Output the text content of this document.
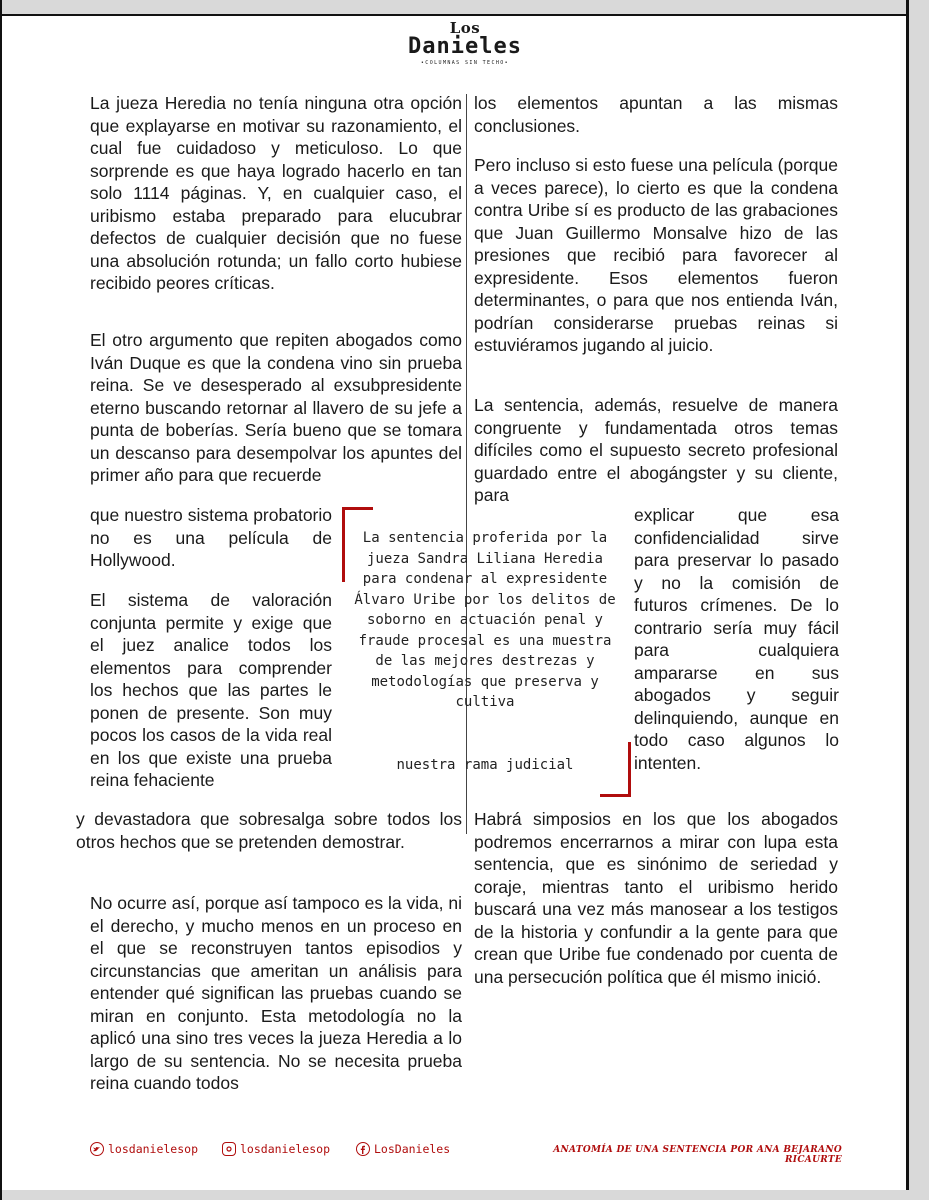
Los
Danieles
•COLUMNAS SIN TECHO•

La jueza Heredia no tenía ninguna otra opción que explayarse en motivar su razonamiento, el cual fue cuidadoso y meticuloso. Lo que sorprende es que haya logrado hacerlo en tan solo 1114 páginas. Y, en cualquier caso, el uribismo estaba preparado para elucubrar defectos de cualquier decisión que no fuese una absolución rotunda; un fallo corto hubiese recibido peores críticas.

El otro argumento que repiten abogados como Iván Duque es que la condena vino sin prueba reina. Se ve desesperado al exsubpresidente eterno buscando retornar al llavero de su jefe a punta de boberías. Sería bueno que se tomara un descanso para desempolvar los apuntes del primer año para que recuerde

que nuestro sistema probatorio no es una película de Hollywood.

El sistema de valoración conjunta permite y exige que el juez analice todos los elementos para comprender los hechos que las partes le ponen de presente. Son muy pocos los casos de la vida real en los que existe una prueba reina fehaciente

y devastadora que sobresalga sobre todos los otros hechos que se pretenden demostrar.

No ocurre así, porque así tampoco es la vida, ni el derecho, y mucho menos en un proceso en el que se reconstruyen tantos episodios y circunstancias que ameritan un análisis para entender qué significan las pruebas cuando se miran en conjunto. Esta metodología no la aplicó una sino tres veces la jueza Heredia a lo largo de su sentencia. No se necesita prueba reina cuando todos

los elementos apuntan a las mismas conclusiones.

Pero incluso si esto fuese una película (porque a veces parece), lo cierto es que la condena contra Uribe sí es producto de las grabaciones que Juan Guillermo Monsalve hizo de las presiones que recibió para favorecer al expresidente. Esos elementos fueron determinantes, o para que nos entienda Iván, podrían considerarse pruebas reinas si estuviéramos jugando al juicio.

La sentencia, además, resuelve de manera congruente y fundamentada otros temas difíciles como el supuesto secreto profesional guardado entre el abogángster y su cliente, para

explicar que esa confidencialidad sirve para preservar lo pasado y no la comisión de futuros crímenes. De lo contrario sería muy fácil para cualquiera ampararse en sus abogados y seguir delinquiendo, aunque en todo caso algunos lo intenten.

Habrá simposios en los que los abogados podremos encerrarnos a mirar con lupa esta sentencia, que es sinónimo de seriedad y coraje, mientras tanto el uribismo herido buscará una vez más manosear a los testigos de la historia y confundir a la gente para que crean que Uribe fue condenado por cuenta de una persecución política que él mismo inició.

La sentencia proferida por la jueza Sandra Liliana Heredia para condenar al expresidente Álvaro Uribe por los delitos de soborno en actuación penal y fraude procesal es una muestra de las mejores destrezas y metodologías que preserva y cultiva
nuestra rama judicial
losdanielesop	losdanielesop	LosDanieles	ANATOMÍA DE UNA SENTENCIA POR ANA BEJARANO RICAURTE
